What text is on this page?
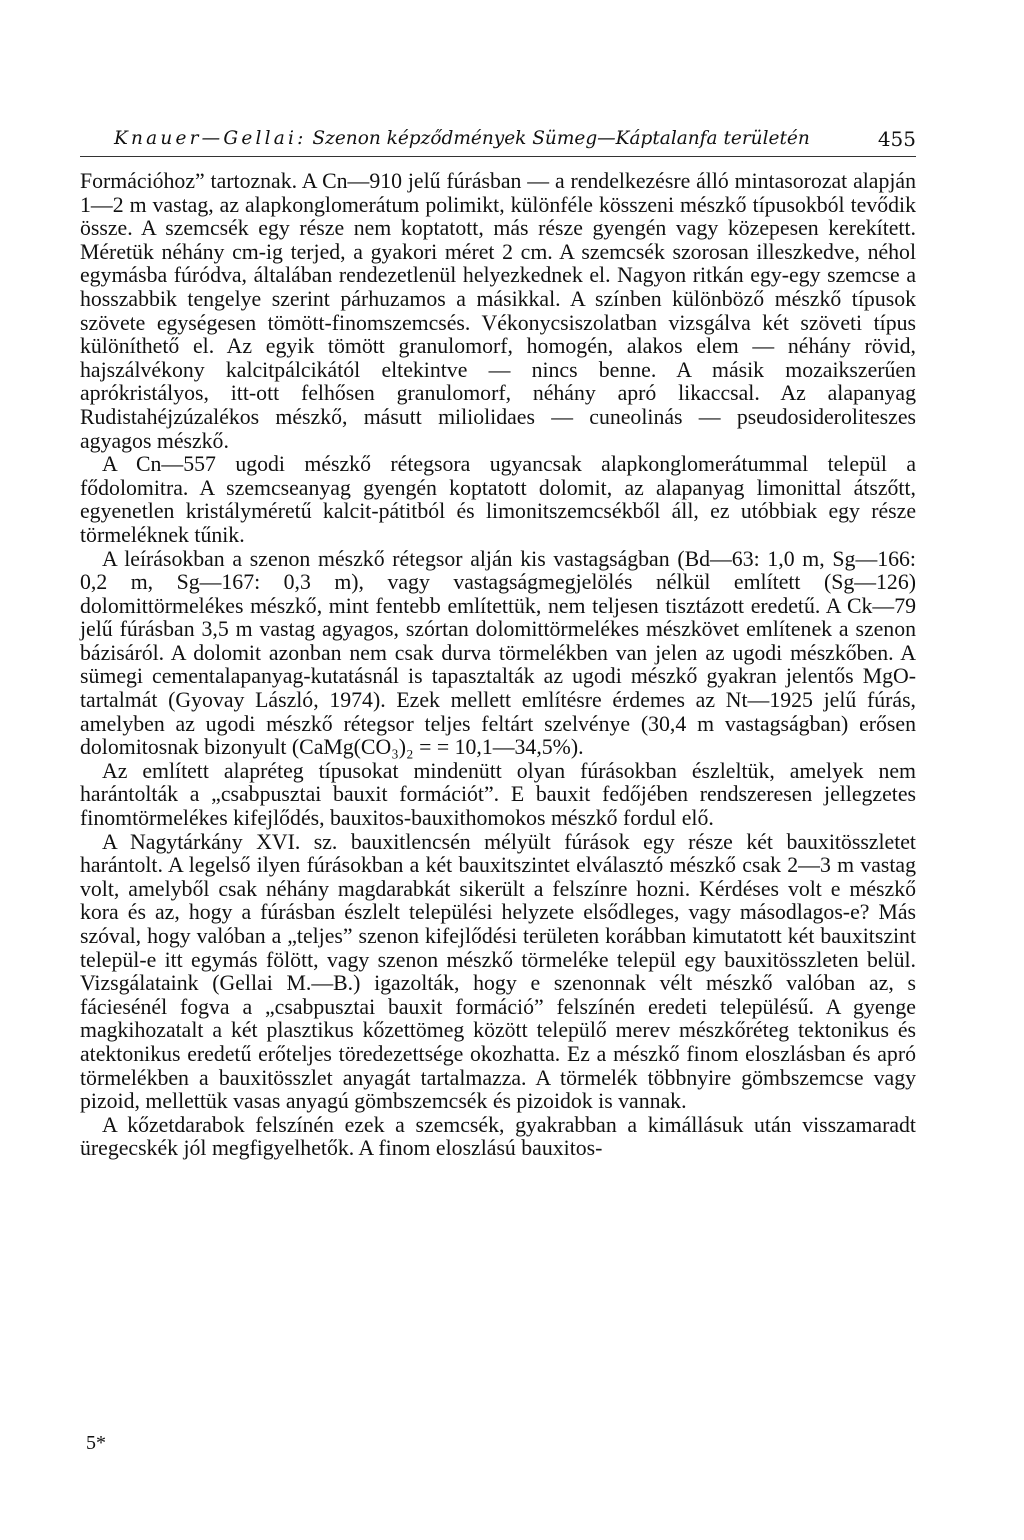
Knauer—Gellai: Szenon képződmények Sümeg—Káptalanfa területén	455

Formációhoz” tartoznak. A Cn—910 jelű fúrásban — a rendelkezésre álló mintasorozat alapján 1—2 m vastag, az alapkonglomerátum polimikt, különféle kösszeni mészkő típusokból tevődik össze. A szemcsék egy része nem koptatott, más része gyengén vagy közepesen kerekített. Méretük néhány cm-ig terjed, a gyakori méret 2 cm. A szemcsék szorosan illeszkedve, néhol egymásba fúródva, általában rendezetlenül helyezkednek el. Nagyon ritkán egy-egy szemcse a hosszabbik tengelye szerint párhuzamos a másikkal. A színben különböző mészkő típusok szövete egységesen tömött-finomszemcsés. Vékonycsiszolatban vizsgálva két szöveti típus különíthető el. Az egyik tömött granulomorf, homogén, alakos elem — néhány rövid, hajszálvékony kalcitpálcikától eltekintve — nincs benne. A másik mozaikszerűen aprókristályos, itt-ott felhősen granulomorf, néhány apró likaccsal. Az alapanyag Rudistahéjzúzalékos mészkő, másutt miliolidaes — cuneolinás — pseudosideroliteszes agyagos mészkő.

A Cn—557 ugodi mészkő rétegsora ugyancsak alapkonglomerátummal települ a fődolomitra. A szemcseanyag gyengén koptatott dolomit, az alapanyag limonittal átszőtt, egyenetlen kristályméretű kalcit-pátitból és limonitszemcsékből áll, ez utóbbiak egy része törmeléknek tűnik.

A leírásokban a szenon mészkő rétegsor alján kis vastagságban (Bd—63: 1,0 m, Sg—166: 0,2 m, Sg—167: 0,3 m), vagy vastagságmegjelölés nélkül említett (Sg—126) dolomittörmelékes mészkő, mint fentebb említettük, nem teljesen tisztázott eredetű. A Ck—79 jelű fúrásban 3,5 m vastag agyagos, szórtan dolomittörmelékes mészkövet említenek a szenon bázisáról. A dolomit azonban nem csak durva törmelékben van jelen az ugodi mészkőben. A sümegi cementalapanyag-kutatásnál is tapasztalták az ugodi mészkő gyakran jelentős MgO-tartalmát (Gyovay László, 1974). Ezek mellett említésre érdemes az Nt—1925 jelű fúrás, amelyben az ugodi mészkő rétegsor teljes feltárt szelvénye (30,4 m vastagságban) erősen dolomitosnak bizonyult (CaMg(CO₃)₂ = = 10,1—34,5%).

Az említett alapréteg típusokat mindenütt olyan fúrásokban észleltük, amelyek nem harántolták a „csabpusztai bauxit formációt”. E bauxit fedőjében rendszeresen jellegzetes finomtörmelékes kifejlődés, bauxitos-bauxithomokos mészkő fordul elő.

A Nagytárkány XVI. sz. bauxitlencsén mélyült fúrások egy része két bauxitösszletet harántolt. A legelső ilyen fúrásokban a két bauxitszintet elválasztó mészkő csak 2—3 m vastag volt, amelyből csak néhány magdarabkát sikerült a felszínre hozni. Kérdéses volt e mészkő kora és az, hogy a fúrásban észlelt települési helyzete elsődleges, vagy másodlagos-e? Más szóval, hogy valóban a „teljes” szenon kifejlődési területen korábban kimutatott két bauxitszint települ-e itt egymás fölött, vagy szenon mészkő törmeléke települ egy bauxitösszleten belül. Vizsgálataink (Gellai M.—B.) igazolták, hogy e szenonnak vélt mészkő valóban az, s fáciesénél fogva a „csabpusztai bauxit formáció” felszínén eredeti településű. A gyenge magkihozatalt a két plasztikus kőzettömeg között települő merev mészkőréteg tektonikus és atektonikus eredetű erőteljes töredezettsége okozhatta. Ez a mészkő finom eloszlásban és apró törmelékben a bauxitösszlet anyagát tartalmazza. A törmelék többnyire gömbszemcse vagy pizoid, mellettük vasas anyagú gömbszemcsék és pizoidok is vannak.

A kőzetdarabok felszínén ezek a szemcsék, gyakrabban a kimállásuk után visszamaradt üregecskék jól megfigyelhetők. A finom eloszlású bauxitos-

5*
